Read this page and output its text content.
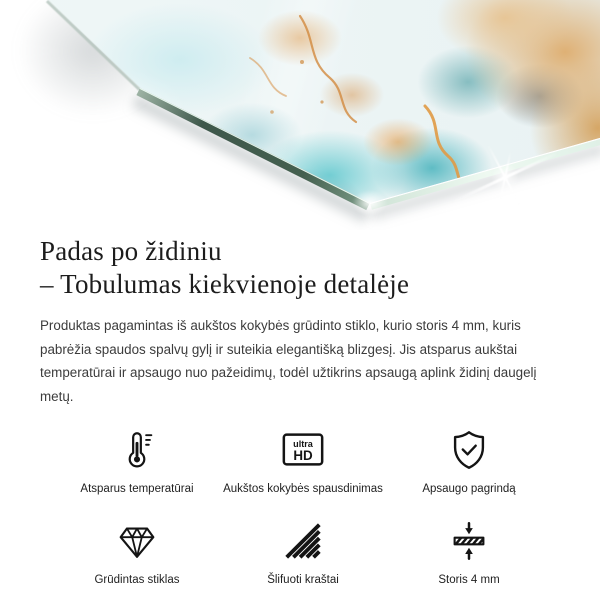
Padas po židiniu
– Tobulumas kiekvienoje detalėje

Produktas pagamintas iš aukštos kokybės grūdinto stiklo, kurio storis 4 mm, kuris pabrėžia spaudos spalvų gylį ir suteikia elegantišką blizgesį. Jis atsparus aukštai temperatūrai ir apsaugo nuo pažeidimų, todėl užtikrins apsaugą aplink židinį daugelį metų.

Atsparus temperatūrai
ultra
HD
Aukštos kokybės spausdinimas	Apsaugo pagrindą
Grūdintas stiklas	Šlifuoti kraštai	Storis 4 mm
